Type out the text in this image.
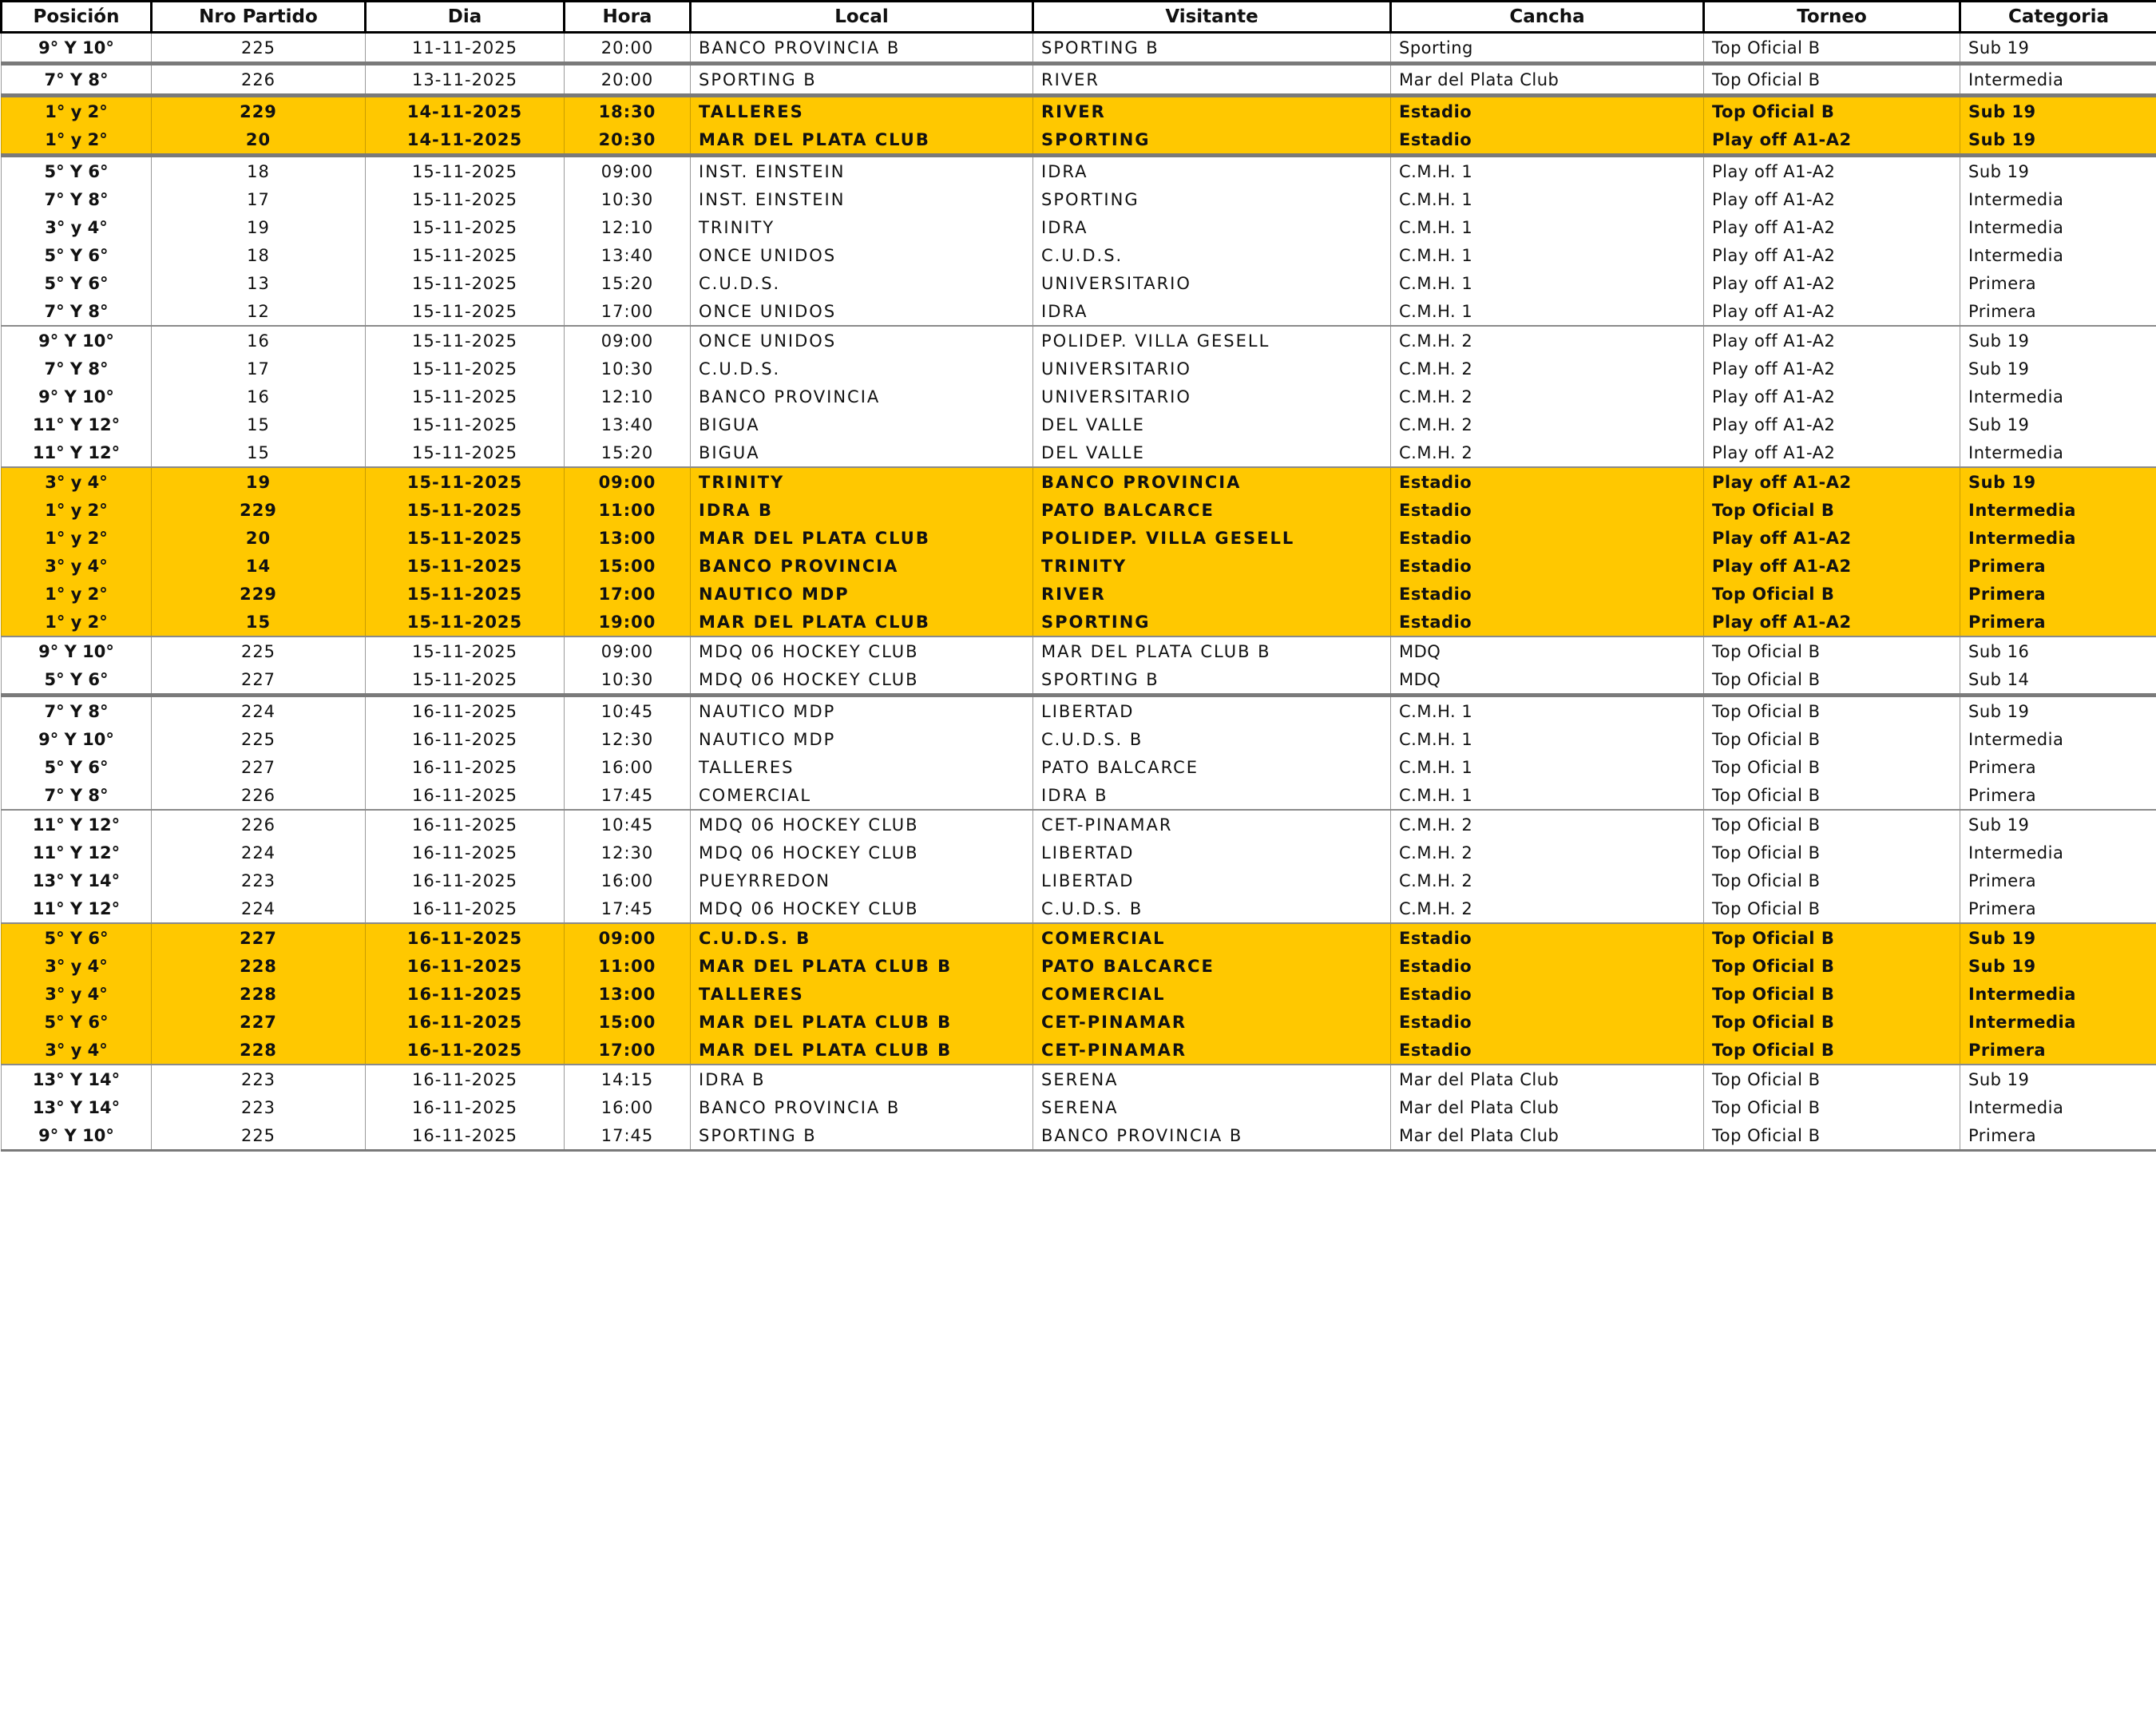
Posición	Nro Partido	Dia	Hora	Local	Visitante	Cancha	Torneo	Categoria
9° Y 10°	225	11-11-2025	20:00	BANCO PROVINCIA B	SPORTING B	Sporting	Top Oficial B	Sub 19
7° Y 8°	226	13-11-2025	20:00	SPORTING B	RIVER	Mar del Plata Club	Top Oficial B	Intermedia
1° y 2°	229	14-11-2025	18:30	TALLERES	RIVER	Estadio	Top Oficial B	Sub 19
1° y 2°	20	14-11-2025	20:30	MAR DEL PLATA CLUB	SPORTING	Estadio	Play off A1-A2	Sub 19
5° Y 6°	18	15-11-2025	09:00	INST. EINSTEIN	IDRA	C.M.H. 1	Play off A1-A2	Sub 19
7° Y 8°	17	15-11-2025	10:30	INST. EINSTEIN	SPORTING	C.M.H. 1	Play off A1-A2	Intermedia
3° y 4°	19	15-11-2025	12:10	TRINITY	IDRA	C.M.H. 1	Play off A1-A2	Intermedia
5° Y 6°	18	15-11-2025	13:40	ONCE UNIDOS	C.U.D.S.	C.M.H. 1	Play off A1-A2	Intermedia
5° Y 6°	13	15-11-2025	15:20	C.U.D.S.	UNIVERSITARIO	C.M.H. 1	Play off A1-A2	Primera
7° Y 8°	12	15-11-2025	17:00	ONCE UNIDOS	IDRA	C.M.H. 1	Play off A1-A2	Primera
9° Y 10°	16	15-11-2025	09:00	ONCE UNIDOS	POLIDEP. VILLA GESELL	C.M.H. 2	Play off A1-A2	Sub 19
7° Y 8°	17	15-11-2025	10:30	C.U.D.S.	UNIVERSITARIO	C.M.H. 2	Play off A1-A2	Sub 19
9° Y 10°	16	15-11-2025	12:10	BANCO PROVINCIA	UNIVERSITARIO	C.M.H. 2	Play off A1-A2	Intermedia
11° Y 12°	15	15-11-2025	13:40	BIGUA	DEL VALLE	C.M.H. 2	Play off A1-A2	Sub 19
11° Y 12°	15	15-11-2025	15:20	BIGUA	DEL VALLE	C.M.H. 2	Play off A1-A2	Intermedia
3° y 4°	19	15-11-2025	09:00	TRINITY	BANCO PROVINCIA	Estadio	Play off A1-A2	Sub 19
1° y 2°	229	15-11-2025	11:00	IDRA B	PATO BALCARCE	Estadio	Top Oficial B	Intermedia
1° y 2°	20	15-11-2025	13:00	MAR DEL PLATA CLUB	POLIDEP. VILLA GESELL	Estadio	Play off A1-A2	Intermedia
3° y 4°	14	15-11-2025	15:00	BANCO PROVINCIA	TRINITY	Estadio	Play off A1-A2	Primera
1° y 2°	229	15-11-2025	17:00	NAUTICO MDP	RIVER	Estadio	Top Oficial B	Primera
1° y 2°	15	15-11-2025	19:00	MAR DEL PLATA CLUB	SPORTING	Estadio	Play off A1-A2	Primera
9° Y 10°	225	15-11-2025	09:00	MDQ 06 HOCKEY CLUB	MAR DEL PLATA CLUB B	MDQ	Top Oficial B	Sub 16
5° Y 6°	227	15-11-2025	10:30	MDQ 06 HOCKEY CLUB	SPORTING B	MDQ	Top Oficial B	Sub 14
7° Y 8°	224	16-11-2025	10:45	NAUTICO MDP	LIBERTAD	C.M.H. 1	Top Oficial B	Sub 19
9° Y 10°	225	16-11-2025	12:30	NAUTICO MDP	C.U.D.S. B	C.M.H. 1	Top Oficial B	Intermedia
5° Y 6°	227	16-11-2025	16:00	TALLERES	PATO BALCARCE	C.M.H. 1	Top Oficial B	Primera
7° Y 8°	226	16-11-2025	17:45	COMERCIAL	IDRA B	C.M.H. 1	Top Oficial B	Primera
11° Y 12°	226	16-11-2025	10:45	MDQ 06 HOCKEY CLUB	CET-PINAMAR	C.M.H. 2	Top Oficial B	Sub 19
11° Y 12°	224	16-11-2025	12:30	MDQ 06 HOCKEY CLUB	LIBERTAD	C.M.H. 2	Top Oficial B	Intermedia
13° Y 14°	223	16-11-2025	16:00	PUEYRREDON	LIBERTAD	C.M.H. 2	Top Oficial B	Primera
11° Y 12°	224	16-11-2025	17:45	MDQ 06 HOCKEY CLUB	C.U.D.S. B	C.M.H. 2	Top Oficial B	Primera
5° Y 6°	227	16-11-2025	09:00	C.U.D.S. B	COMERCIAL	Estadio	Top Oficial B	Sub 19
3° y 4°	228	16-11-2025	11:00	MAR DEL PLATA CLUB B	PATO BALCARCE	Estadio	Top Oficial B	Sub 19
3° y 4°	228	16-11-2025	13:00	TALLERES	COMERCIAL	Estadio	Top Oficial B	Intermedia
5° Y 6°	227	16-11-2025	15:00	MAR DEL PLATA CLUB B	CET-PINAMAR	Estadio	Top Oficial B	Intermedia
3° y 4°	228	16-11-2025	17:00	MAR DEL PLATA CLUB B	CET-PINAMAR	Estadio	Top Oficial B	Primera
13° Y 14°	223	16-11-2025	14:15	IDRA B	SERENA	Mar del Plata Club	Top Oficial B	Sub 19
13° Y 14°	223	16-11-2025	16:00	BANCO PROVINCIA B	SERENA	Mar del Plata Club	Top Oficial B	Intermedia
9° Y 10°	225	16-11-2025	17:45	SPORTING B	BANCO PROVINCIA B	Mar del Plata Club	Top Oficial B	Primera
